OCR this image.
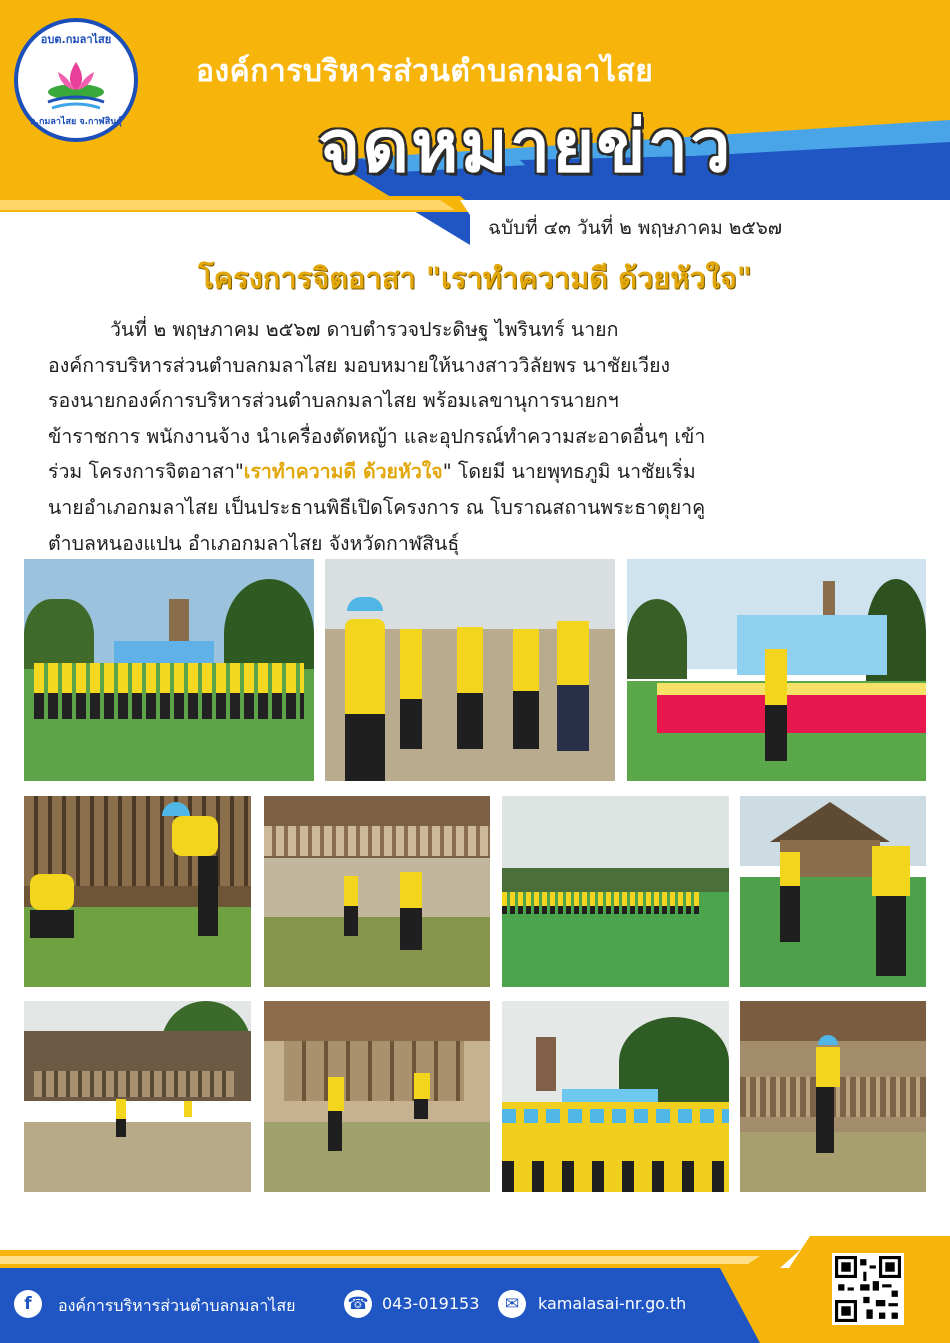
อบต.กมลาไสย
อ.กมลาไสย จ.กาฬสินธุ์
องค์การบริหารส่วนตำบลกมลาไสย
จดหมายข่าว
ฉบับที่ ๔๓ วันที่ ๒ พฤษภาคม ๒๕๖๗
โครงการจิตอาสา "เราทำความดี ด้วยหัวใจ"
วันที่ ๒ พฤษภาคม ๒๕๖๗ ดาบตำรวจประดิษฐ ไพรินทร์ นายก
องค์การบริหารส่วนตำบลกมลาไสย มอบหมายให้นางสาววิลัยพร นาชัยเวียง
รองนายกองค์การบริหารส่วนตำบลกมลาไสย พร้อมเลขานุการนายกฯ
ข้าราชการ พนักงานจ้าง นำเครื่องตัดหญ้า และอุปกรณ์ทำความสะอาดอื่นๆ เข้า
ร่วม โครงการจิตอาสา"เราทำความดี ด้วยหัวใจ" โดยมี นายพุทธภูมิ นาชัยเริ่ม
นายอำเภอกมลาไสย เป็นประธานพิธีเปิดโครงการ ณ โบราณสถานพระธาตุยาคู
ตำบลหนองแปน อำเภอกมลาไสย จังหวัดกาฬสินธุ์
f	องค์การบริหารส่วนตำบลกมลาไสย	☎ 043-019153	✉	kamalasai-nr.go.th
